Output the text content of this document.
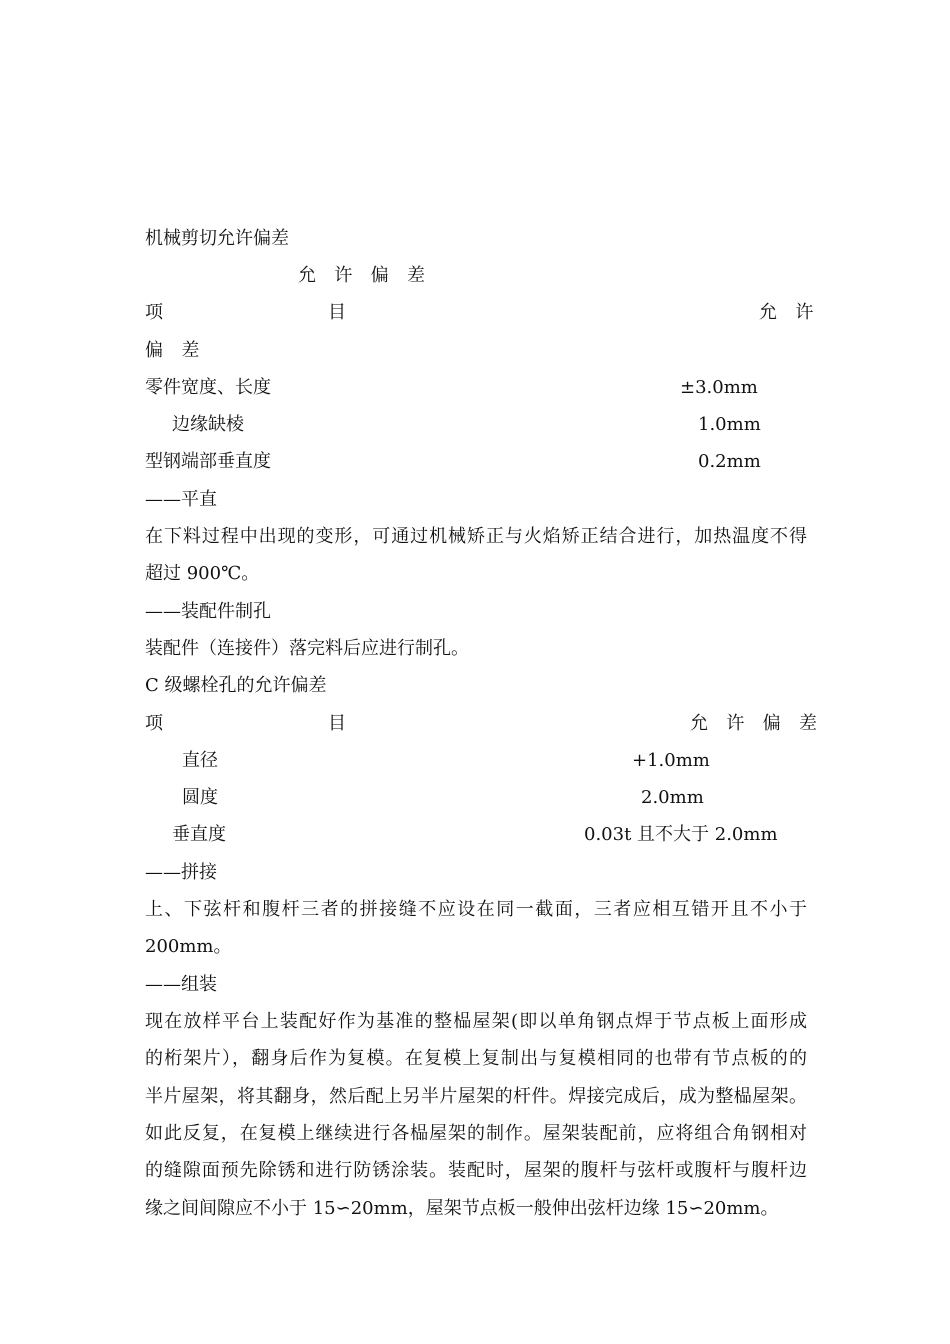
机械剪切允许偏差
允 许 偏 差
项	目	允 许
偏 差
零件宽度、长度	±3.0mm
边缘缺棱	1.0mm
型钢端部垂直度	0.2mm
——平直
在下料过程中出现的变形，可通过机械矫正与火焰矫正结合进行，加热温度不得
超过 900℃。
——装配件制孔
装配件（连接件）落完料后应进行制孔。
C 级螺栓孔的允许偏差
项	目	允 许 偏 差
直径	+1.0mm
圆度	2.0mm
垂直度	0.03t 且不大于 2.0mm
——拼接
上、下弦杆和腹杆三者的拼接缝不应设在同一截面，三者应相互错开且不小于
200mm。
——组装
现在放样平台上装配好作为基准的整榀屋架(即以单角钢点焊于节点板上面形成
的桁架片），翻身后作为复模。在复模上复制出与复模相同的也带有节点板的的
半片屋架，将其翻身，然后配上另半片屋架的杆件。焊接完成后，成为整榀屋架。
如此反复，在复模上继续进行各榀屋架的制作。屋架装配前，应将组合角钢相对
的缝隙面预先除锈和进行防锈涂装。装配时，屋架的腹杆与弦杆或腹杆与腹杆边
缘之间间隙应不小于 15∽20mm，屋架节点板一般伸出弦杆边缘 15∽20mm。
